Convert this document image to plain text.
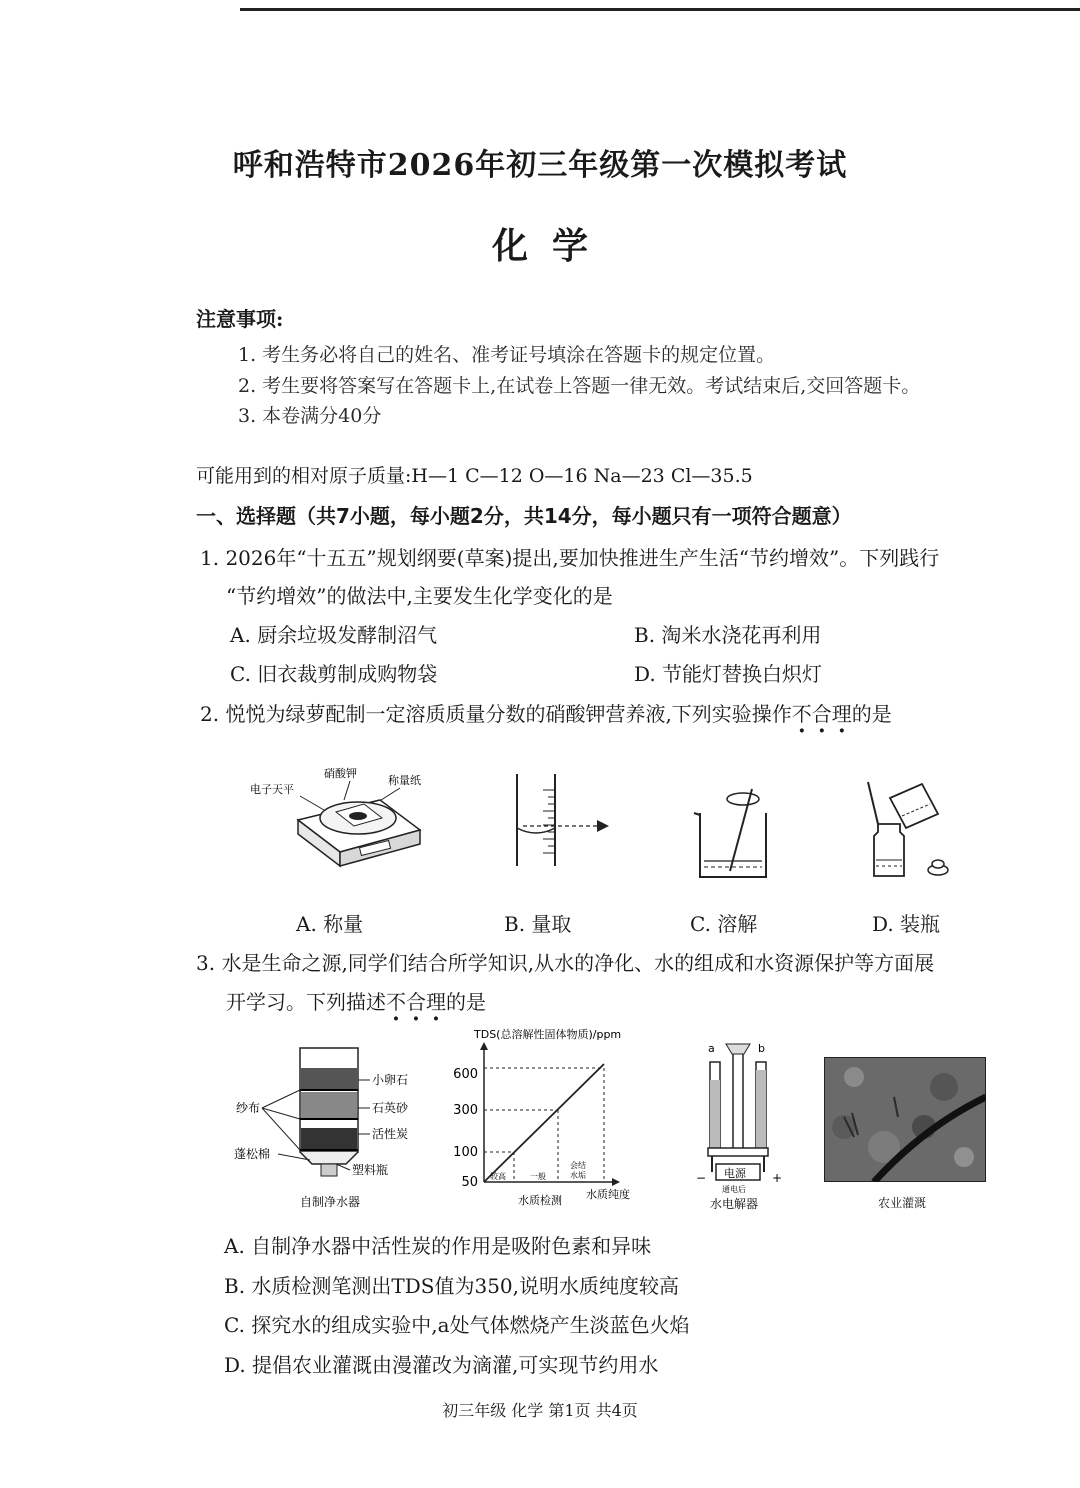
呼和浩特市2026年初三年级第一次模拟考试
化 学
注意事项:
1. 考生务必将自己的姓名、准考证号填涂在答题卡的规定位置。
2. 考生要将答案写在答题卡上,在试卷上答题一律无效。考试结束后,交回答题卡。
3. 本卷满分40分
可能用到的相对原子质量:H—1 C—12 O—16 Na—23 Cl—35.5
一、选择题（共7小题，每小题2分，共14分，每小题只有一项符合题意）
1. 2026年“十五五”规划纲要(草案)提出,要加快推进生产生活“节约增效”。下列践行
“节约增效”的做法中,主要发生化学变化的是
A. 厨余垃圾发酵制沼气	B. 淘米水浇花再利用
C. 旧衣裁剪制成购物袋	D. 节能灯替换白炽灯
2. 悦悦为绿萝配制一定溶质质量分数的硝酸钾营养液,下列实验操作不合理的是
电子天平
硝酸钾
称量纸
A. 称量	B. 量取	C. 溶解	D. 装瓶
3. 水是生命之源,同学们结合所学知识,从水的净化、水的组成和水资源保护等方面展
开学习。下列描述不合理的是
小卵石
石英砂
活性炭
纱布
蓬松棉
塑料瓶
自制净水器
TDS(总溶解性固体物质)/ppm
600
300
100
50 较高	一般
会结
水垢
水质检测 水质纯度
a	b
电源
−	+
通电后
水电解器	农业灌溉
A. 自制净水器中活性炭的作用是吸附色素和异味
B. 水质检测笔测出TDS值为350,说明水质纯度较高
C. 探究水的组成实验中,a处气体燃烧产生淡蓝色火焰
D. 提倡农业灌溉由漫灌改为滴灌,可实现节约用水
初三年级 化学 第1页 共4页
